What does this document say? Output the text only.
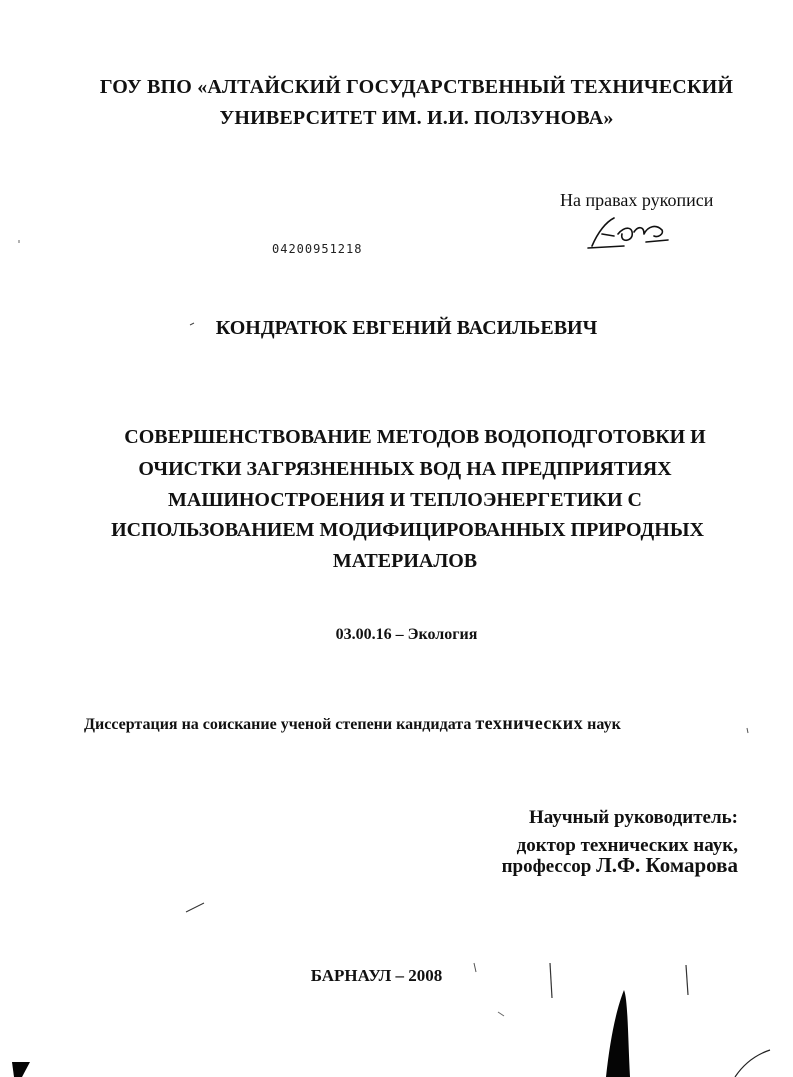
ГОУ ВПО «АЛТАЙСКИЙ ГОСУДАРСТВЕННЫЙ ТЕХНИЧЕСКИЙ
УНИВЕРСИТЕТ ИМ. И.И. ПОЛЗУНОВА»
На правах рукописи
04200951218
КОНДРАТЮК ЕВГЕНИЙ ВАСИЛЬЕВИЧ
СОВЕРШЕНСТВОВАНИЕ МЕТОДОВ ВОДОПОДГОТОВКИ И
ОЧИСТКИ ЗАГРЯЗНЕННЫХ ВОД НА ПРЕДПРИЯТИЯХ
МАШИНОСТРОЕНИЯ И ТЕПЛОЭНЕРГЕТИКИ С
ИСПОЛЬЗОВАНИЕМ МОДИФИЦИРОВАННЫХ ПРИРОДНЫХ
МАТЕРИАЛОВ
03.00.16 – Экология
Диссертация на соискание ученой степени кандидата технических наук
Научный руководитель:
доктор технических наук,
профессор Л.Ф. Комарова
БАРНАУЛ – 2008
